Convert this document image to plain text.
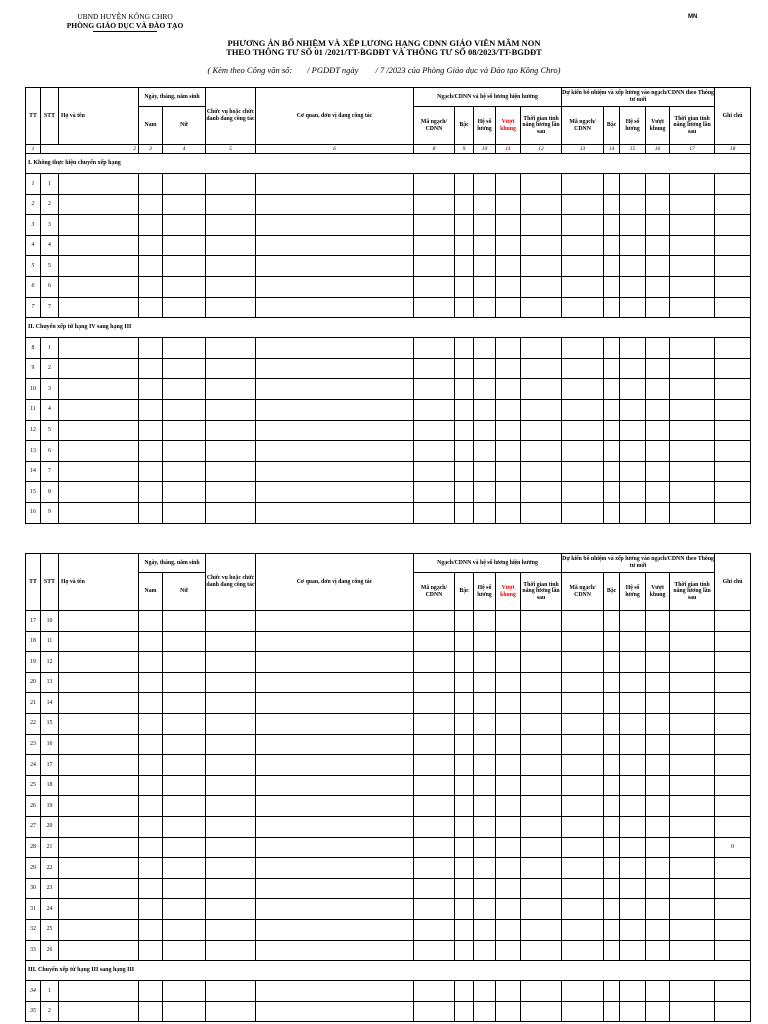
UBND HUYỆN KÔNG CHRO
PHÒNG GIÁO DỤC VÀ ĐÀO TẠO
MN
PHƯƠNG ÁN BỔ NHIỆM VÀ XẾP LƯƠNG HẠNG CDNN GIÁO VIÊN MẦM NON
THEO THÔNG TƯ SỐ 01 /2021/TT-BGDĐT VÀ THÔNG TƯ SỐ 08/2023/TT-BGDĐT
( Kèm theo Công văn số:       / PGDĐT ngày        / 7 /2023 của Phòng Giáo dục và Đào tạo Kông Chro)
TT	STT	Họ và tên	Ngày, tháng, năm sinh		Chức vụ hoặc chức danh đang công tác	Cơ quan, đơn vị đang công tác	Ngạch/CDNN và hệ số lương hiện hưởng					Dự kiến bổ nhiệm và xếp lương vào ngạch/CDNN theo Thông tư mới					Ghi chú
			Nam	Nữ			Mã ngạch/ CDNN	Bậc	Hệ số lương	Vượt khung	Thời gian tính nâng lương lần sau	Mã ngạch/ CDNN	Bậc	Hệ số lương	Vượt khung	Thời gian tính nâng lương lần sau	
1	2		3	4	5	6	8	9	10	11	12	13	14	15	16	17	18
I. Không thực hiện chuyển xếp hạng																	
1	1																
2	2																
3	3																
4	4																
5	5																
6	6																
7	7																
II. Chuyển xếp từ hạng IV sang hạng III																	
8	1																
9	2																
10	3																
11	4																
12	5																
13	6																
14	7																
15	8																
16	9																
TT	STT	Họ và tên	Ngày, tháng, năm sinh		Chức vụ hoặc chức danh đang công tác	Cơ quan, đơn vị đang công tác	Ngạch/CDNN và hệ số lương hiện hưởng					Dự kiến bổ nhiệm và xếp lương vào ngạch/CDNN theo Thông tư mới					Ghi chú
			Nam	Nữ			Mã ngạch/ CDNN	Bậc	Hệ số lương	Vượt khung	Thời gian tính nâng lương lần sau	Mã ngạch/ CDNN	Bậc	Hệ số lương	Vượt khung	Thời gian tính nâng lương lần sau	
17	10																
18	11																
19	12																
20	13																
21	14																
22	15																
23	16																
24	17																
25	18																
26	19																
27	20																
28	21																0
29	22																
30	23																
31	24																
32	25																
33	26																
III. Chuyển xếp từ hạng III sang hạng III																	
34	1																
35	2																
